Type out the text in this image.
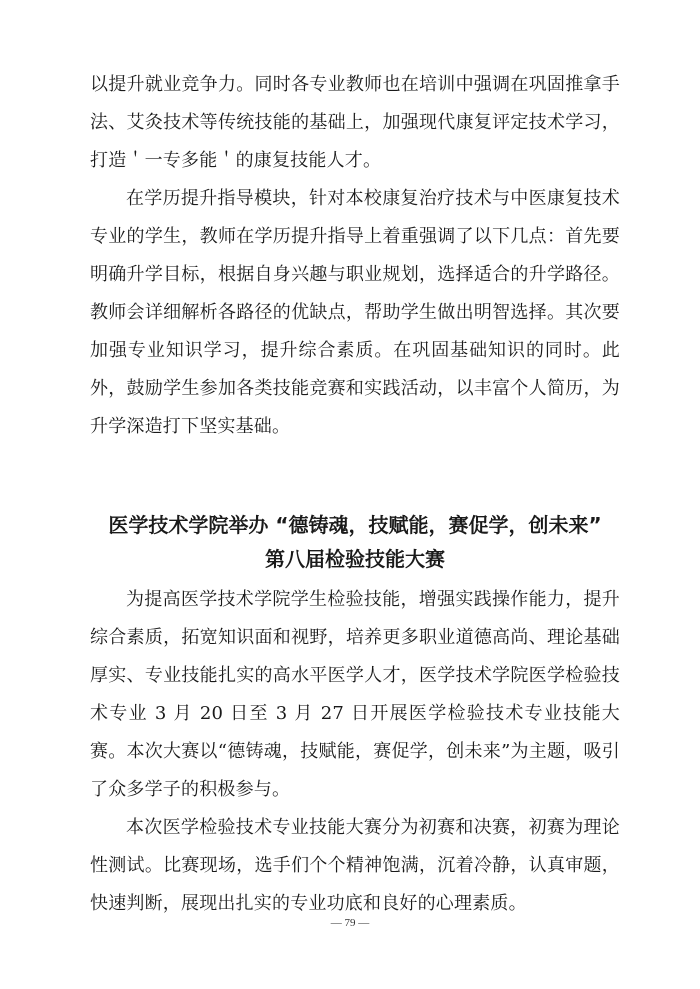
以提升就业竞争力。同时各专业教师也在培训中强调在巩固推拿手法、艾灸技术等传统技能的基础上，加强现代康复评定技术学习，打造＇一专多能＇的康复技能人才。

在学历提升指导模块，针对本校康复治疗技术与中医康复技术专业的学生，教师在学历提升指导上着重强调了以下几点：首先要明确升学目标，根据自身兴趣与职业规划，选择适合的升学路径。教师会详细解析各路径的优缺点，帮助学生做出明智选择。其次要加强专业知识学习，提升综合素质。在巩固基础知识的同时。此外，鼓励学生参加各类技能竞赛和实践活动，以丰富个人简历，为升学深造打下坚实基础。

医学技术学院举办 “德铸魂，技赋能，赛促学，创未来”
第八届检验技能大赛

为提高医学技术学院学生检验技能，增强实践操作能力，提升综合素质，拓宽知识面和视野，培养更多职业道德高尚、理论基础厚实、专业技能扎实的高水平医学人才，医学技术学院医学检验技术专业 3 月 20 日至 3 月 27 日开展医学检验技术专业技能大赛。本次大赛以“德铸魂，技赋能，赛促学，创未来”为主题，吸引了众多学子的积极参与。

本次医学检验技术专业技能大赛分为初赛和决赛，初赛为理论性测试。比赛现场，选手们个个精神饱满，沉着冷静，认真审题，快速判断，展现出扎实的专业功底和良好的心理素质。

— 79 —
